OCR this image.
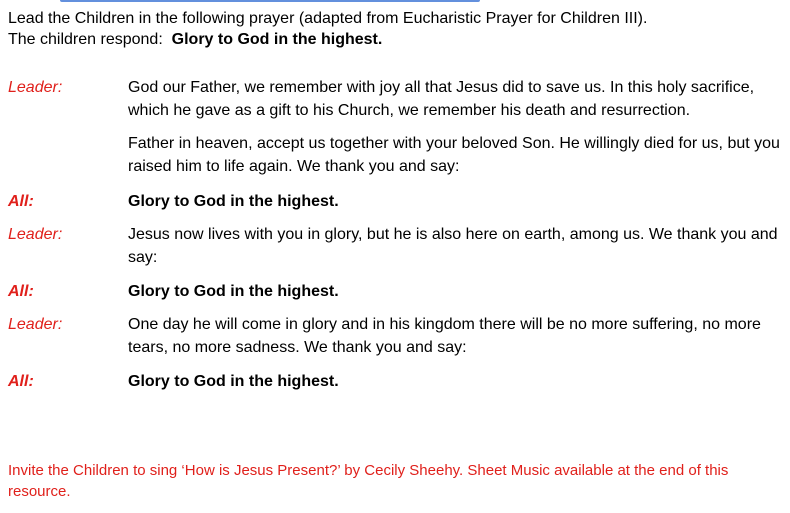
Lead the Children in the following prayer (adapted from Eucharistic Prayer for Children III).
The children respond: Glory to God in the highest.

Leader:	God our Father, we remember with joy all that Jesus did to save us. In this holy sacrifice, which he gave as a gift to his Church, we remember his death and resurrection.
Father in heaven, accept us together with your beloved Son. He willingly died for us, but you raised him to life again. We thank you and say:
All:	Glory to God in the highest.
Leader:	Jesus now lives with you in glory, but he is also here on earth, among us. We thank you and say:
All:	Glory to God in the highest.
Leader:	One day he will come in glory and in his kingdom there will be no more suffering, no more tears, no more sadness. We thank you and say:
All:	Glory to God in the highest.

Invite the Children to sing ‘How is Jesus Present?’ by Cecily Sheehy. Sheet Music available at the end of this resource.
